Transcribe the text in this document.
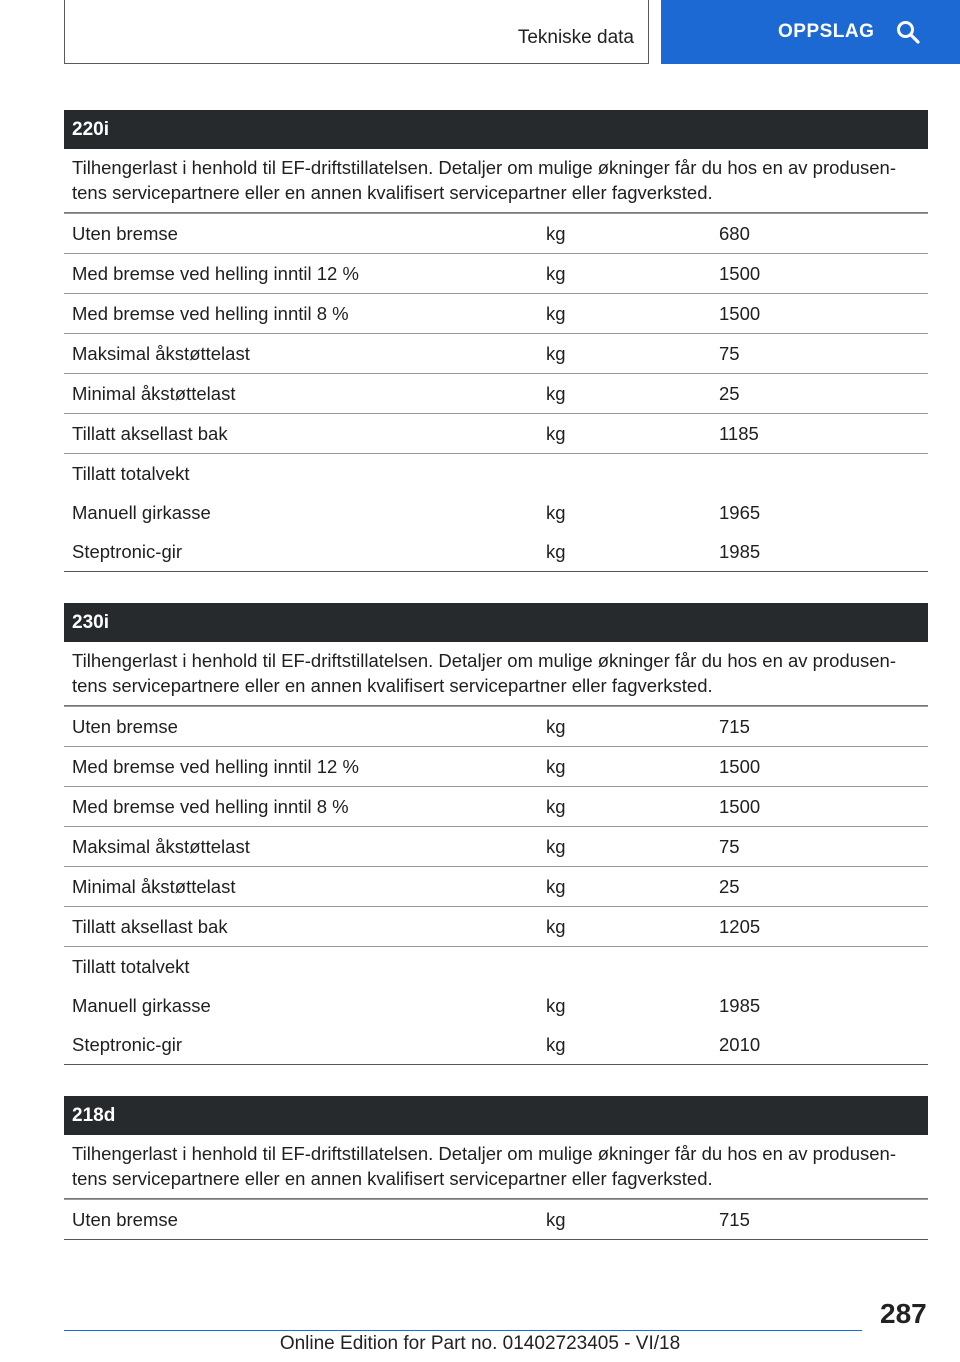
Tekniske data	OPPSLAG
220i
Tilhengerlast i henhold til EF-driftstillatelsen. Detaljer om mulige økninger får du hos en av produsen-tens servicepartnere eller en annen kvalifisert servicepartner eller fagverksted.
Uten bremse	kg	680
Med bremse ved helling inntil 12 %	kg	1500
Med bremse ved helling inntil 8 %	kg	1500
Maksimal åkstøttelast	kg	75
Minimal åkstøttelast	kg	25
Tillatt aksellast bak	kg	1185
Tillatt totalvekt
Manuell girkasse	kg	1965
Steptronic-gir	kg	1985
230i
Tilhengerlast i henhold til EF-driftstillatelsen. Detaljer om mulige økninger får du hos en av produsen-tens servicepartnere eller en annen kvalifisert servicepartner eller fagverksted.
Uten bremse	kg	715
Med bremse ved helling inntil 12 %	kg	1500
Med bremse ved helling inntil 8 %	kg	1500
Maksimal åkstøttelast	kg	75
Minimal åkstøttelast	kg	25
Tillatt aksellast bak	kg	1205
Tillatt totalvekt
Manuell girkasse	kg	1985
Steptronic-gir	kg	2010
218d
Tilhengerlast i henhold til EF-driftstillatelsen. Detaljer om mulige økninger får du hos en av produsen-tens servicepartnere eller en annen kvalifisert servicepartner eller fagverksted.
Uten bremse	kg	715
287
Online Edition for Part no. 01402723405 - VI/18
